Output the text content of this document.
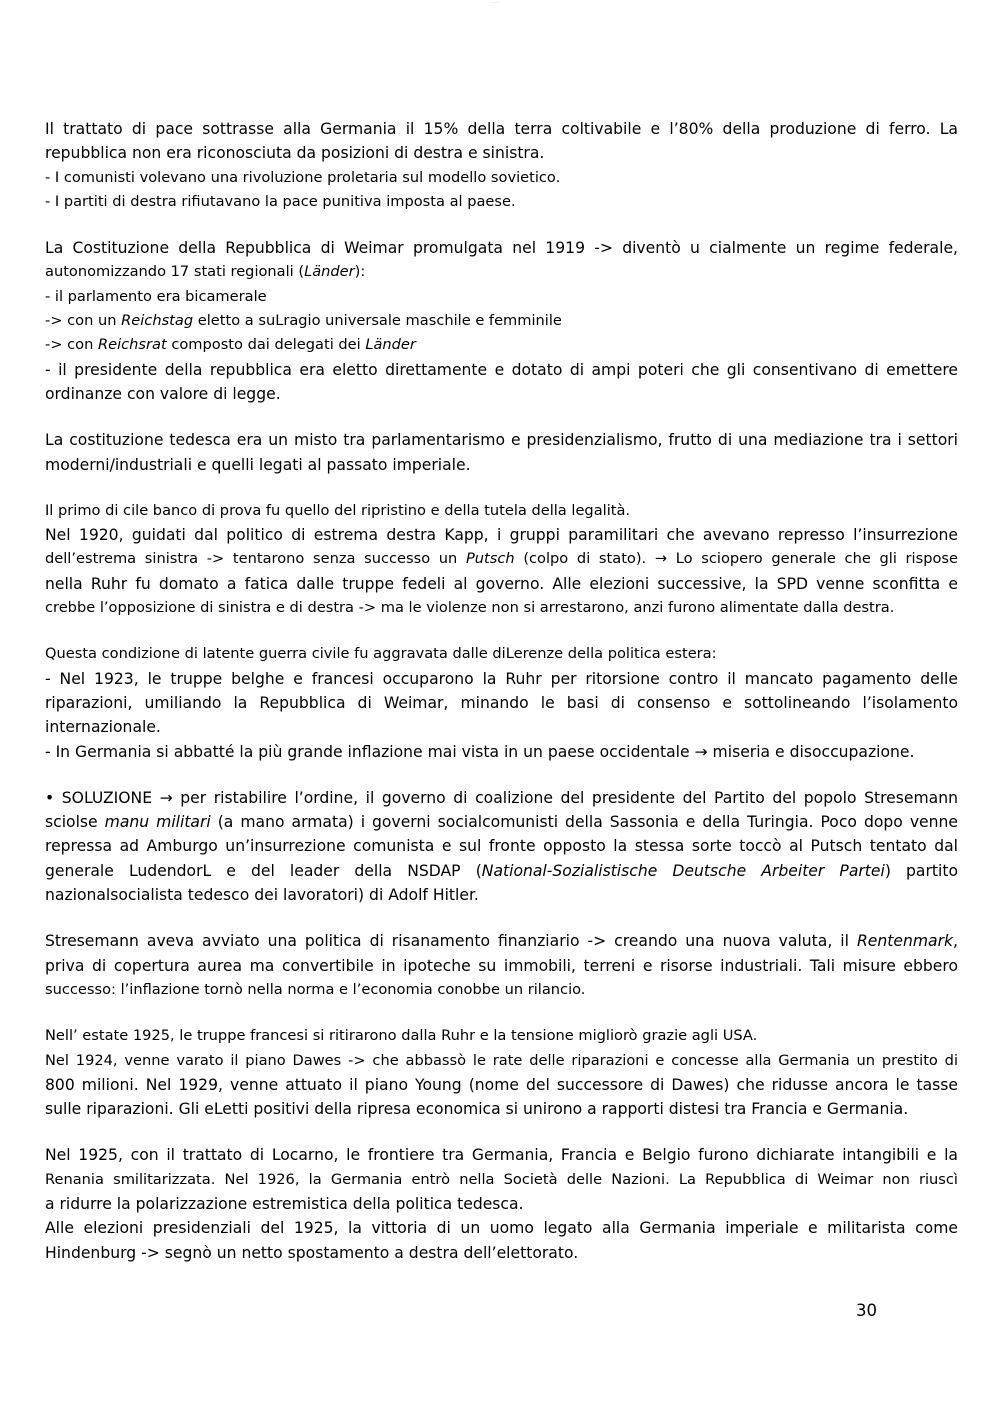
..........
Il trattato di pace sottrasse alla Germania il 15% della terra coltivabile e l’80% della produzione di ferro. La
repubblica non era riconosciuta da posizioni di destra e sinistra.
- I comunisti volevano una rivoluzione proletaria sul modello sovietico.
- I partiti di destra rifiutavano la pace punitiva imposta al paese.
La Costituzione della Repubblica di Weimar promulgata nel 1919 -> diventò u cialmente un regime federale,
autonomizzando 17 stati regionali (Länder):
- il parlamento era bicamerale
-> con un Reichstag eletto a suLragio universale maschile e femminile
-> con Reichsrat composto dai delegati dei Länder
- il presidente della repubblica era eletto direttamente e dotato di ampi poteri che gli consentivano di emettere
ordinanze con valore di legge.
La costituzione tedesca era un misto tra parlamentarismo e presidenzialismo, frutto di una mediazione tra i settori
moderni/industriali e quelli legati al passato imperiale.
Il primo di cile banco di prova fu quello del ripristino e della tutela della legalità.
Nel 1920, guidati dal politico di estrema destra Kapp, i gruppi paramilitari che avevano represso l’insurrezione
dell’estrema sinistra -> tentarono senza successo un Putsch (colpo di stato). → Lo sciopero generale che gli rispose
nella Ruhr fu domato a fatica dalle truppe fedeli al governo. Alle elezioni successive, la SPD venne sconfitta e
crebbe l’opposizione di sinistra e di destra -> ma le violenze non si arrestarono, anzi furono alimentate dalla destra.
Questa condizione di latente guerra civile fu aggravata dalle diLerenze della politica estera:
- Nel 1923, le truppe belghe e francesi occuparono la Ruhr per ritorsione contro il mancato pagamento delle
riparazioni, umiliando la Repubblica di Weimar, minando le basi di consenso e sottolineando l’isolamento
internazionale.
- In Germania si abbatté la più grande inflazione mai vista in un paese occidentale → miseria e disoccupazione.
• SOLUZIONE → per ristabilire l’ordine, il governo di coalizione del presidente del Partito del popolo Stresemann
sciolse manu militari (a mano armata) i governi socialcomunisti della Sassonia e della Turingia. Poco dopo venne
repressa ad Amburgo un’insurrezione comunista e sul fronte opposto la stessa sorte toccò al Putsch tentato dal
generale LudendorL e del leader della NSDAP (National-Sozialistische Deutsche Arbeiter Partei) partito
nazionalsocialista tedesco dei lavoratori) di Adolf Hitler.
Stresemann aveva avviato una politica di risanamento finanziario -> creando una nuova valuta, il Rentenmark,
priva di copertura aurea ma convertibile in ipoteche su immobili, terreni e risorse industriali. Tali misure ebbero
successo: l’inflazione tornò nella norma e l’economia conobbe un rilancio.
Nell’ estate 1925, le truppe francesi si ritirarono dalla Ruhr e la tensione migliorò grazie agli USA.
Nel 1924, venne varato il piano Dawes -> che abbassò le rate delle riparazioni e concesse alla Germania un prestito di
800 milioni. Nel 1929, venne attuato il piano Young (nome del successore di Dawes) che ridusse ancora le tasse
sulle riparazioni. Gli eLetti positivi della ripresa economica si unirono a rapporti distesi tra Francia e Germania.
Nel 1925, con il trattato di Locarno, le frontiere tra Germania, Francia e Belgio furono dichiarate intangibili e la
Renania smilitarizzata. Nel 1926, la Germania entrò nella Società delle Nazioni. La Repubblica di Weimar non riuscì
a ridurre la polarizzazione estremistica della politica tedesca.
Alle elezioni presidenziali del 1925, la vittoria di un uomo legato alla Germania imperiale e militarista come
Hindenburg -> segnò un netto spostamento a destra dell’elettorato.
30
